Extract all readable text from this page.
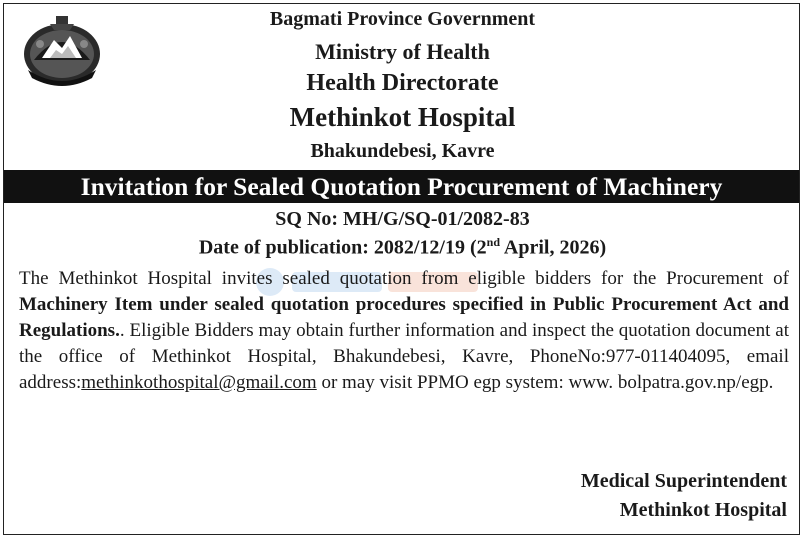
Bagmati Province Government
Ministry of Health
Health Directorate
Methinkot Hospital
Bhakundebesi, Kavre
Invitation for Sealed Quotation Procurement of Machinery
SQ No: MH/G/SQ-01/2082-83
Date of publication: 2082/12/19 (2nd April, 2026)
The Methinkot Hospital invites sealed quotation from eligible bidders for the Procurement of Machinery Item under sealed quotation procedures specified in Public Procurement Act and Regulations.. Eligible Bidders may obtain further information and inspect the quotation document at the office of Methinkot Hospital, Bhakundebesi, Kavre, PhoneNo:977-011404095, email address:methinkothospital@gmail.com or may visit PPMO egp system: www. bolpatra.gov.np/egp.
Medical Superintendent
Methinkot Hospital
